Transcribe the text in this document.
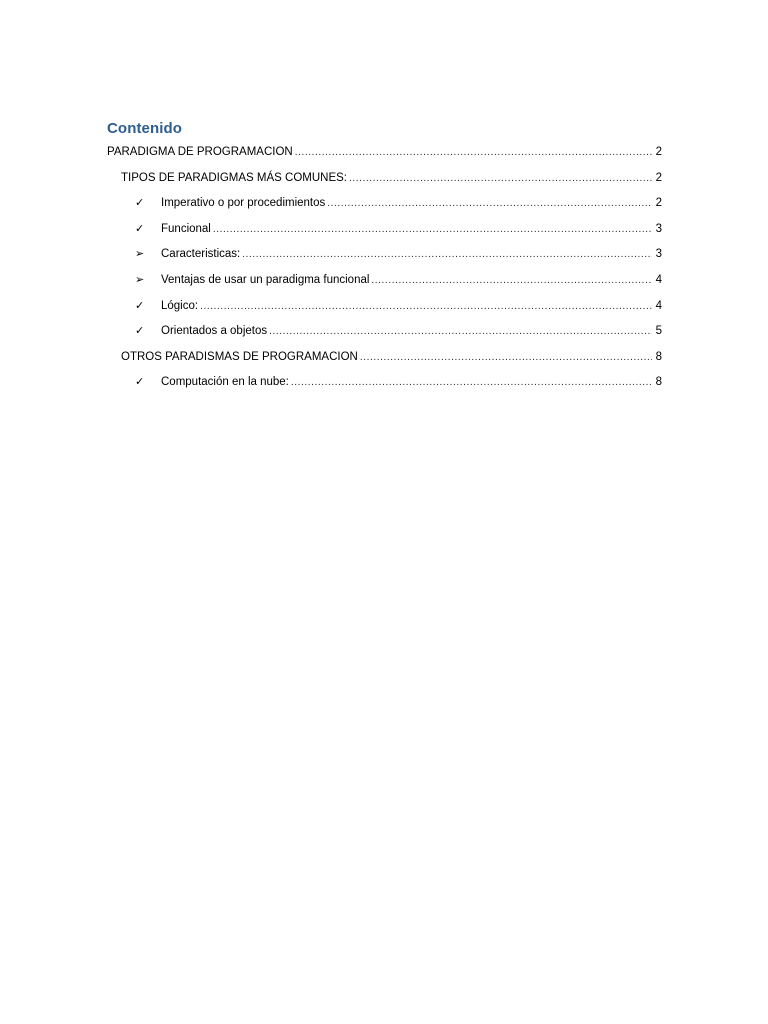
Contenido
PARADIGMA DE PROGRAMACION .....	2
TIPOS DE PARADIGMAS MÁS COMUNES: .....	2
✓	Imperativo o por procedimientos .....	2
✓	Funcional .....	3
➢	Caracteristicas: .....	3
➢	Ventajas de usar un paradigma funcional .....	4
✓	Lógico: .....	4
✓	Orientados a objetos .....	5
OTROS PARADISMAS DE PROGRAMACION .....	8
✓	Computación en la nube: .....	8
